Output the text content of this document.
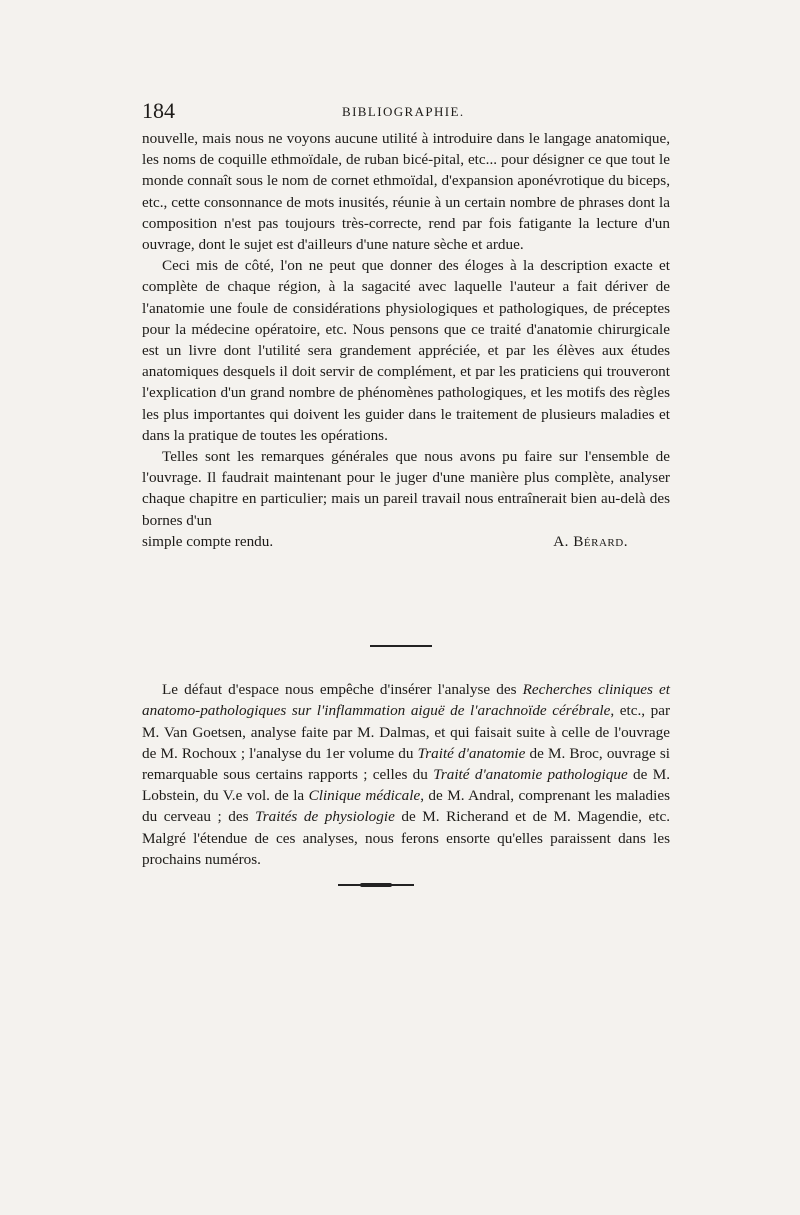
184	BIBLIOGRAPHIE.

nouvelle, mais nous ne voyons aucune utilité à introduire dans le langage anatomique, les noms de coquille ethmoïdale, de ruban bicé-pital, etc... pour désigner ce que tout le monde connaît sous le nom de cornet ethmoïdal, d'expansion aponévrotique du biceps, etc., cette consonnance de mots inusités, réunie à un certain nombre de phrases dont la composition n'est pas toujours très-correcte, rend par fois fatigante la lecture d'un ouvrage, dont le sujet est d'ailleurs d'une nature sèche et ardue.

Ceci mis de côté, l'on ne peut que donner des éloges à la description exacte et complète de chaque région, à la sagacité avec laquelle l'auteur a fait dériver de l'anatomie une foule de considérations physiologiques et pathologiques, de préceptes pour la médecine opératoire, etc. Nous pensons que ce traité d'anatomie chirurgicale est un livre dont l'utilité sera grandement appréciée, et par les élèves aux études anatomiques desquels il doit servir de complément, et par les praticiens qui trouveront l'explication d'un grand nombre de phénomènes pathologiques, et les motifs des règles les plus importantes qui doivent les guider dans le traitement de plusieurs maladies et dans la pratique de toutes les opérations.

Telles sont les remarques générales que nous avons pu faire sur l'ensemble de l'ouvrage. Il faudrait maintenant pour le juger d'une manière plus complète, analyser chaque chapitre en particulier; mais un pareil travail nous entraînerait bien au-delà des bornes d'un

simple compte rendu.	A. Bérard.

Le défaut d'espace nous empêche d'insérer l'analyse des Recherches cliniques et anatomo-pathologiques sur l'inflammation aiguë de l'arachnoïde cérébrale, etc., par M. Van Goetsen, analyse faite par M. Dalmas, et qui faisait suite à celle de l'ouvrage de M. Rochoux ; l'analyse du 1er volume du Traité d'anatomie de M. Broc, ouvrage si remarquable sous certains rapports ; celles du Traité d'anatomie pathologique de M. Lobstein, du V.e vol. de la Clinique médicale, de M. Andral, comprenant les maladies du cerveau ; des Traités de physiologie de M. Richerand et de M. Magendie, etc. Malgré l'étendue de ces analyses, nous ferons ensorte qu'elles paraissent dans les prochains numéros.
